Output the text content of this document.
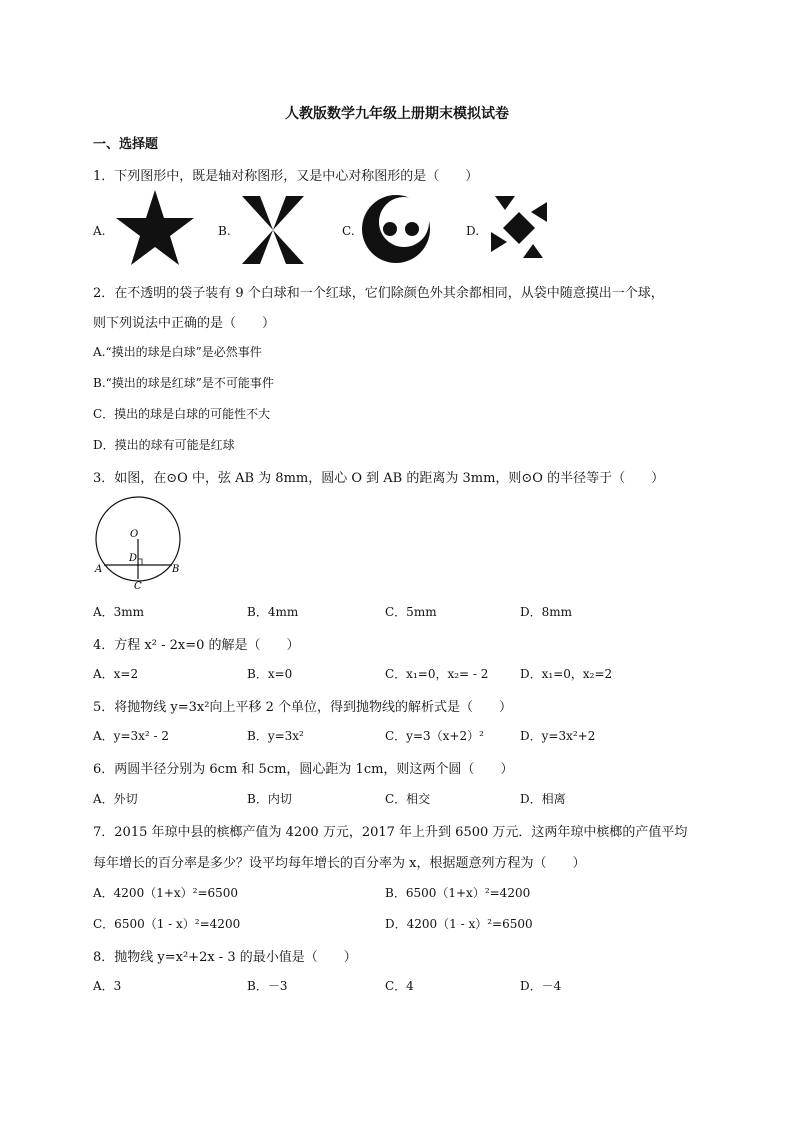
人教版数学九年级上册期末模拟试卷
一、选择题
1．下列图形中，既是轴对称图形，又是中心对称图形的是（　　）
A.	B.	C.	D.
2．在不透明的袋子装有 9 个白球和一个红球，它们除颜色外其余都相同，从袋中随意摸出一个球，
则下列说法中正确的是（　　）
A.“摸出的球是白球”是必然事件
B.“摸出的球是红球”是不可能事件
C．摸出的球是白球的可能性不大
D．摸出的球有可能是红球
3．如图，在⊙O 中，弦 AB 为 8mm，圆心 O 到 AB 的距离为 3mm，则⊙O 的半径等于（　　）
O
D
A	B
C
A．3mm	B．4mm	C．5mm	D．8mm
4．方程 x² - 2x=0 的解是（　　）
A．x=2	B．x=0	C．x₁=0，x₂= - 2	D．x₁=0，x₂=2
5．将抛物线 y=3x²向上平移 2 个单位，得到抛物线的解析式是（　　）
A．y=3x² - 2	B．y=3x²	C．y=3（x+2）²	D．y=3x²+2
6．两圆半径分别为 6cm 和 5cm，圆心距为 1cm，则这两个圆（　　）
A．外切	B．内切	C．相交	D．相离
7．2015 年琼中县的槟榔产值为 4200 万元，2017 年上升到 6500 万元．这两年琼中槟榔的产值平均
每年增长的百分率是多少？设平均每年增长的百分率为 x，根据题意列方程为（　　）
A．4200（1+x）²=6500	B．6500（1+x）²=4200
C．6500（1 - x）²=4200	D．4200（1 - x）²=6500
8．抛物线 y=x²+2x - 3 的最小值是（　　）
A．3	B．－3	C．4	D．－4
